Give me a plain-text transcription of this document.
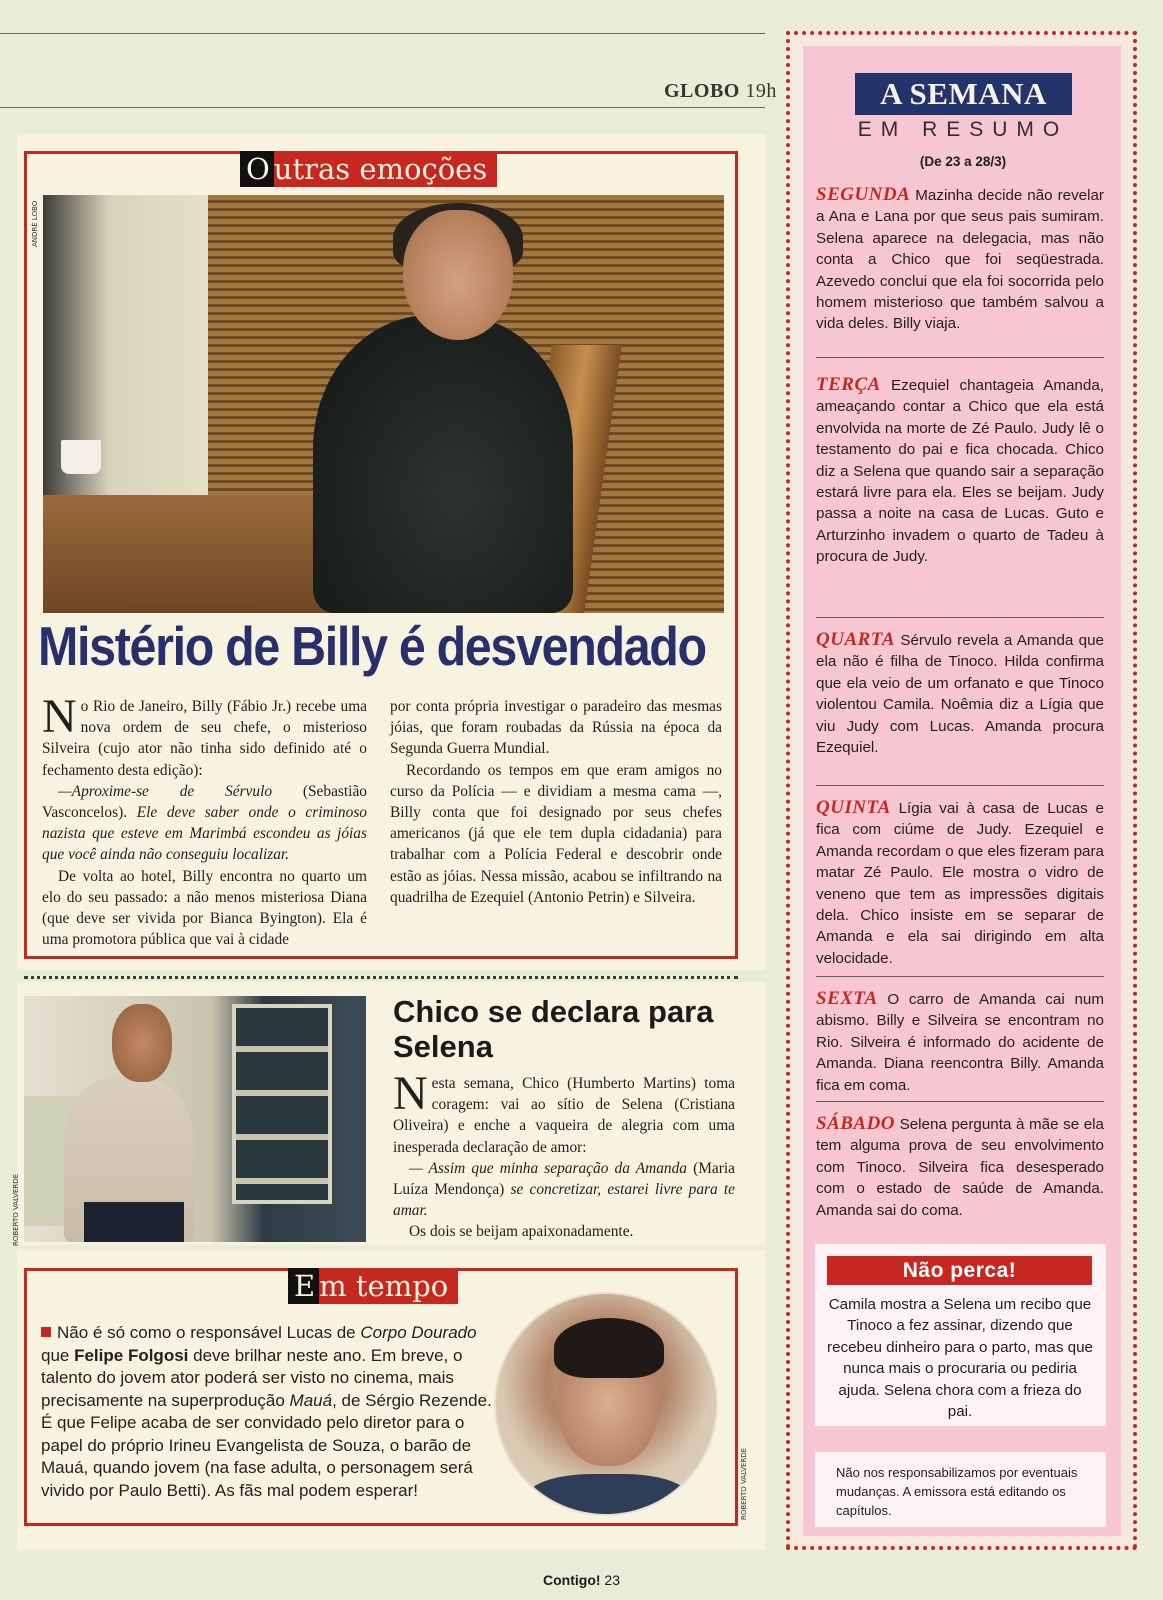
GLOBO 19h
O utras emoções
ANDRÉ LOBO
Mistério de Billy é desvendado

No Rio de Janeiro, Billy (Fábio Jr.) recebe uma nova ordem de seu chefe, o misterioso Silveira (cujo ator não tinha sido definido até o fechamento desta edição):

—Aproxime-se de Sérvulo (Sebastião Vasconcelos). Ele deve saber onde o criminoso nazista que esteve em Marimbá escondeu as jóias que você ainda não conseguiu localizar.

De volta ao hotel, Billy encontra no quarto um elo do seu passado: a não menos misteriosa Diana (que deve ser vivida por Bianca Byington). Ela é uma promotora pública que vai à cidade

por conta própria investigar o paradeiro das mesmas jóias, que foram roubadas da Rússia na época da Segunda Guerra Mundial.

Recordando os tempos em que eram amigos no curso da Polícia — e dividiam a mesma cama —, Billy conta que foi designado por seus chefes americanos (já que ele tem dupla cidadania) para trabalhar com a Polícia Federal e descobrir onde estão as jóias. Nessa missão, acabou se infiltrando na quadrilha de Ezequiel (Antonio Petrin) e Silveira.

ROBERTO VALVERDE
Chico se declara para Selena

Nesta semana, Chico (Humberto Martins) toma coragem: vai ao sítio de Selena (Cristiana Oliveira) e enche a vaqueira de alegria com uma inesperada declaração de amor:

— Assim que minha separação da Amanda (Maria Luíza Mendonça) se concretizar, estarei livre para te amar.

Os dois se beijam apaixonadamente.

E m tempo
Não é só como o responsável Lucas de Corpo Dourado que Felipe Folgosi deve brilhar neste ano. Em breve, o talento do jovem ator poderá ser visto no cinema, mais precisamente na superprodução Mauá, de Sérgio Rezende. É que Felipe acaba de ser convidado pelo diretor para o papel do próprio Irineu Evangelista de Souza, o barão de Mauá, quando jovem (na fase adulta, o personagem será vivido por Paulo Betti). As fãs mal podem esperar!	ROBERTO VALVERDE
A SEMANA
EM RESUMO
(De 23 a 28/3)
SEGUNDA Mazinha decide não revelar a Ana e Lana por que seus pais sumiram. Selena aparece na delegacia, mas não conta a Chico que foi seqüestrada. Azevedo conclui que ela foi socorrida pelo homem misterioso que também salvou a vida deles. Billy viaja.
TERÇA Ezequiel chantageia Amanda, ameaçando contar a Chico que ela está envolvida na morte de Zé Paulo. Judy lê o testamento do pai e fica chocada. Chico diz a Selena que quando sair a separação estará livre para ela. Eles se beijam. Judy passa a noite na casa de Lucas. Guto e Arturzinho invadem o quarto de Tadeu à procura de Judy.
QUARTA Sérvulo revela a Amanda que ela não é filha de Tinoco. Hilda confirma que ela veio de um orfanato e que Tinoco violentou Camila. Noêmia diz a Lígia que viu Judy com Lucas. Amanda procura Ezequiel.
QUINTA Lígia vai à casa de Lucas e fica com ciúme de Judy. Ezequiel e Amanda recordam o que eles fizeram para matar Zé Paulo. Ele mostra o vidro de veneno que tem as impressões digitais dela. Chico insiste em se separar de Amanda e ela sai dirigindo em alta velocidade.
SEXTA O carro de Amanda cai num abismo. Billy e Silveira se encontram no Rio. Silveira é informado do acidente de Amanda. Diana reencontra Billy. Amanda fica em coma.
SÁBADO Selena pergunta à mãe se ela tem alguma prova de seu envolvimento com Tinoco. Silveira fica desesperado com o estado de saúde de Amanda. Amanda sai do coma.
Não perca!
Camila mostra a Selena um recibo que Tinoco a fez assinar, dizendo que recebeu dinheiro para o parto, mas que nunca mais o procuraria ou pediria ajuda. Selena chora com a frieza do pai.
Não nos responsabilizamos por eventuais mudanças. A emissora está editando os capítulos.
Contigo! 23
